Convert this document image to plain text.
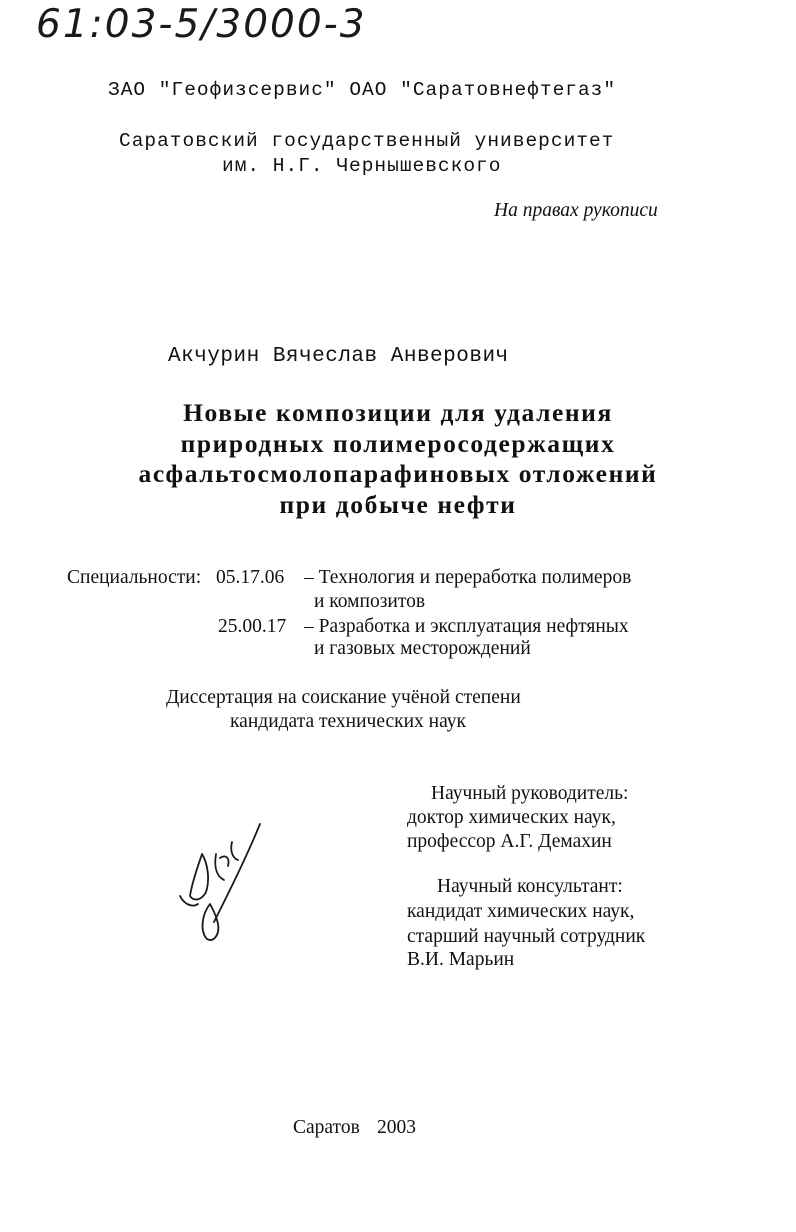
61:03-5/3000-3
ЗАО "Геофизсервис" ОАО "Саратовнефтегаз"
Саратовский государственный университет
им. Н.Г. Чернышевского
На правах рукописи
Акчурин Вячеслав Анверович
Новые композиции для удаления
природных полимеросодержащих
асфальтосмолопарафиновых отложений
при добыче нефти
Специальности: 05.17.06 – Технология и переработка полимеров
и композитов
25.00.17 – Разработка и эксплуатация нефтяных
и газовых месторождений
Диссертация на соискание учёной степени
кандидата технических наук
Научный руководитель:
доктор химических наук,
профессор А.Г. Демахин
Научный консультант:
кандидат химических наук,
старший научный сотрудник
В.И. Марьин
Саратов 2003
